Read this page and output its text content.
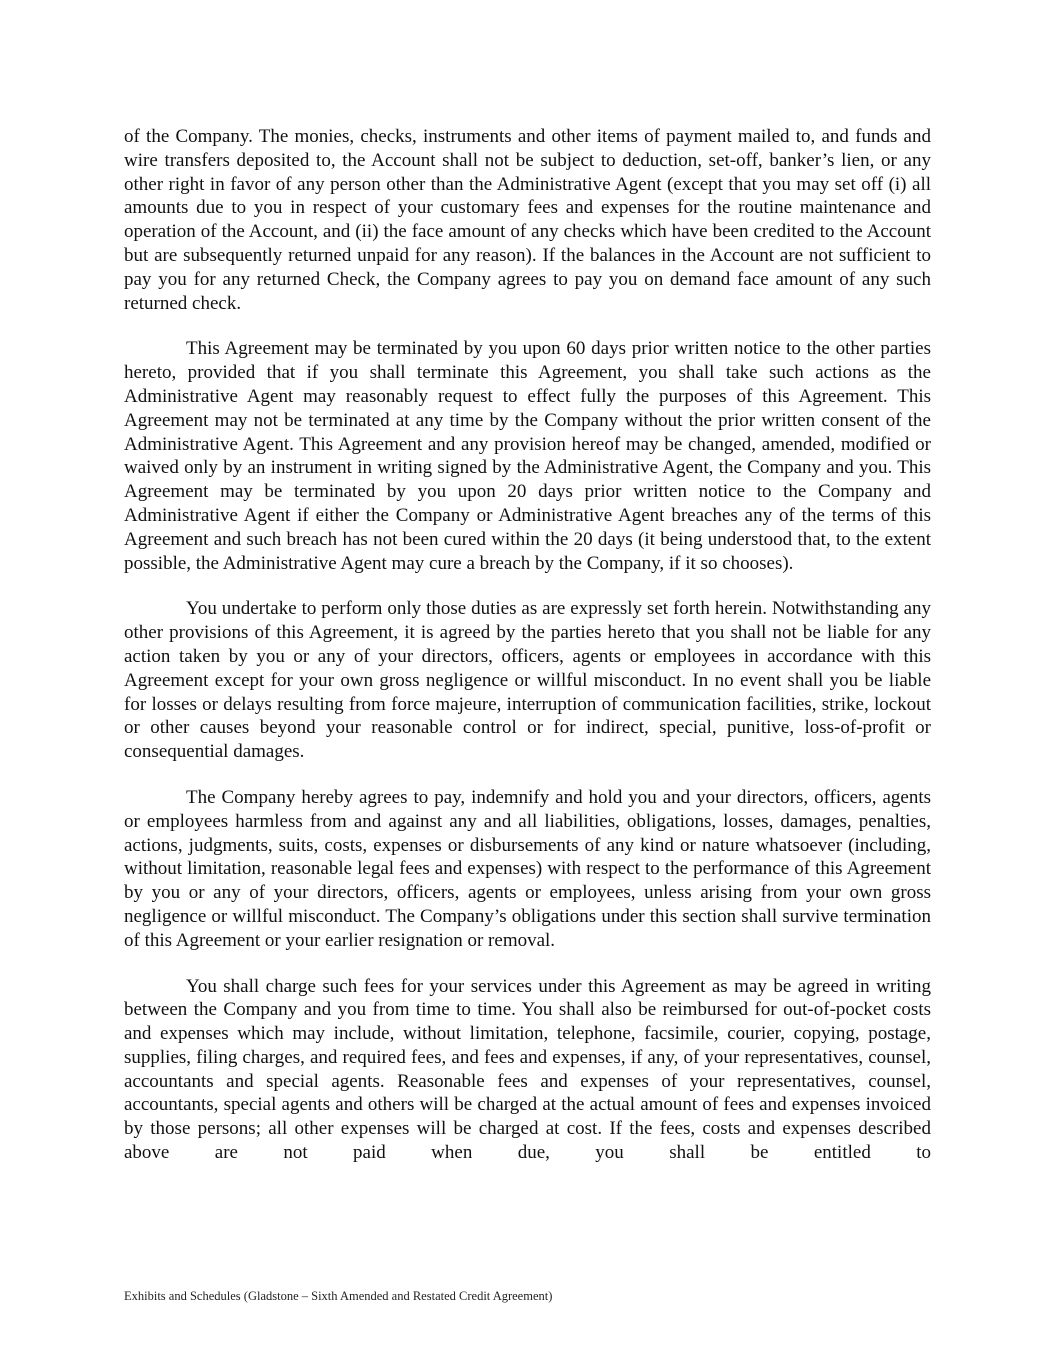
of the Company. The monies, checks, instruments and other items of payment mailed to, and funds and wire transfers deposited to, the Account shall not be subject to deduction, set-off, banker’s lien, or any other right in favor of any person other than the Administrative Agent (except that you may set off (i) all amounts due to you in respect of your customary fees and expenses for the routine maintenance and operation of the Account, and (ii) the face amount of any checks which have been credited to the Account but are subsequently returned unpaid for any reason). If the balances in the Account are not sufficient to pay you for any returned Check, the Company agrees to pay you on demand face amount of any such returned check.

This Agreement may be terminated by you upon 60 days prior written notice to the other parties hereto, provided that if you shall terminate this Agreement, you shall take such actions as the Administrative Agent may reasonably request to effect fully the purposes of this Agreement. This Agreement may not be terminated at any time by the Company without the prior written consent of the Administrative Agent. This Agreement and any provision hereof may be changed, amended, modified or waived only by an instrument in writing signed by the Administrative Agent, the Company and you. This Agreement may be terminated by you upon 20 days prior written notice to the Company and Administrative Agent if either the Company or Administrative Agent breaches any of the terms of this Agreement and such breach has not been cured within the 20 days (it being understood that, to the extent possible, the Administrative Agent may cure a breach by the Company, if it so chooses).

You undertake to perform only those duties as are expressly set forth herein. Notwithstanding any other provisions of this Agreement, it is agreed by the parties hereto that you shall not be liable for any action taken by you or any of your directors, officers, agents or employees in accordance with this Agreement except for your own gross negligence or willful misconduct. In no event shall you be liable for losses or delays resulting from force majeure, interruption of communication facilities, strike, lockout or other causes beyond your reasonable control or for indirect, special, punitive, loss-of-profit or consequential damages.

The Company hereby agrees to pay, indemnify and hold you and your directors, officers, agents or employees harmless from and against any and all liabilities, obligations, losses, damages, penalties, actions, judgments, suits, costs, expenses or disbursements of any kind or nature whatsoever (including, without limitation, reasonable legal fees and expenses) with respect to the performance of this Agreement by you or any of your directors, officers, agents or employees, unless arising from your own gross negligence or willful misconduct. The Company’s obligations under this section shall survive termination of this Agreement or your earlier resignation or removal.

You shall charge such fees for your services under this Agreement as may be agreed in writing between the Company and you from time to time. You shall also be reimbursed for out-of-pocket costs and expenses which may include, without limitation, telephone, facsimile, courier, copying, postage, supplies, filing charges, and required fees, and fees and expenses, if any, of your representatives, counsel, accountants and special agents. Reasonable fees and expenses of your representatives, counsel, accountants, special agents and others will be charged at the actual amount of fees and expenses invoiced by those persons; all other expenses will be charged at cost. If the fees, costs and expenses described above are not paid when due, you shall be entitled to

Exhibits and Schedules (Gladstone – Sixth Amended and Restated Credit Agreement)
